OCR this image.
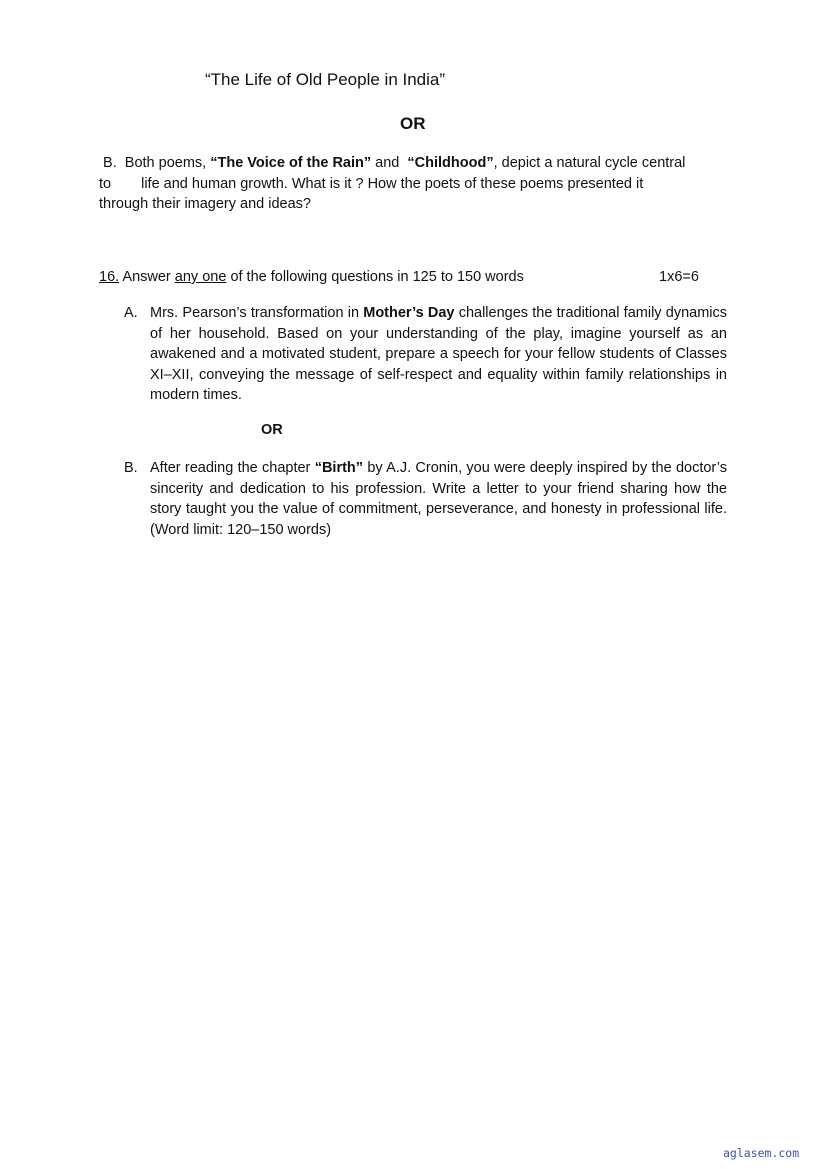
“The Life of Old People in India”
OR
B. Both poems, “The Voice of the Rain” and “Childhood”, depict a natural cycle central
to life and human growth. What is it ? How the poets of these poems presented it
through their imagery and ideas?
16. Answer any one of the following questions in 125 to 150 words	1x6=6
A. Mrs. Pearson’s transformation in Mother’s Day challenges the traditional family dynamics of her household. Based on your understanding of the play, imagine yourself as an awakened and a motivated student, prepare a speech for your fellow students of Classes XI–XII, conveying the message of self-respect and equality within family relationships in modern times.
OR
B. After reading the chapter “Birth” by A.J. Cronin, you were deeply inspired by the doctor’s sincerity and dedication to his profession. Write a letter to your friend sharing how the story taught you the value of commitment, perseverance, and honesty in professional life. (Word limit: 120–150 words)
aglasem.com
